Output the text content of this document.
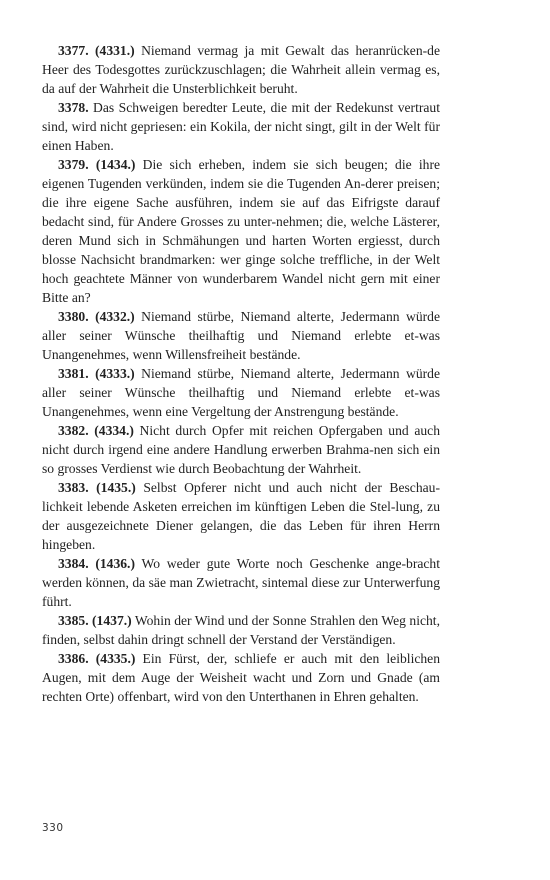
3377. (4331.) Niemand vermag ja mit Gewalt das heranrücken-de Heer des Todesgottes zurückzuschlagen; die Wahrheit allein vermag es, da auf der Wahrheit die Unsterblichkeit beruht.

3378. Das Schweigen beredter Leute, die mit der Redekunst vertraut sind, wird nicht gepriesen: ein Kokila, der nicht singt, gilt in der Welt für einen Haben.

3379. (1434.) Die sich erheben, indem sie sich beugen; die ihre eigenen Tugenden verkünden, indem sie die Tugenden An-derer preisen; die ihre eigene Sache ausführen, indem sie auf das Eifrigste darauf bedacht sind, für Andere Grosses zu unter-nehmen; die, welche Lästerer, deren Mund sich in Schmähungen und harten Worten ergiesst, durch blosse Nachsicht brandmarken: wer ginge solche treffliche, in der Welt hoch geachtete Männer von wunderbarem Wandel nicht gern mit einer Bitte an?

3380. (4332.) Niemand stürbe, Niemand alterte, Jedermann würde aller seiner Wünsche theilhaftig und Niemand erlebte et-was Unangenehmes, wenn Willensfreiheit bestände.

3381. (4333.) Niemand stürbe, Niemand alterte, Jedermann würde aller seiner Wünsche theilhaftig und Niemand erlebte et-was Unangenehmes, wenn eine Vergeltung der Anstrengung bestände.

3382. (4334.) Nicht durch Opfer mit reichen Opfergaben und auch nicht durch irgend eine andere Handlung erwerben Brahma-nen sich ein so grosses Verdienst wie durch Beobachtung der Wahrheit.

3383. (1435.) Selbst Opferer nicht und auch nicht der Beschau-lichkeit lebende Asketen erreichen im künftigen Leben die Stel-lung, zu der ausgezeichnete Diener gelangen, die das Leben für ihren Herrn hingeben.

3384. (1436.) Wo weder gute Worte noch Geschenke ange-bracht werden können, da säe man Zwietracht, sintemal diese zur Unterwerfung führt.

3385. (1437.) Wohin der Wind und der Sonne Strahlen den Weg nicht, finden, selbst dahin dringt schnell der Verstand der Verständigen.

3386. (4335.) Ein Fürst, der, schliefe er auch mit den leiblichen Augen, mit dem Auge der Weisheit wacht und Zorn und Gnade (am rechten Orte) offenbart, wird von den Unterthanen in Ehren gehalten.

330
